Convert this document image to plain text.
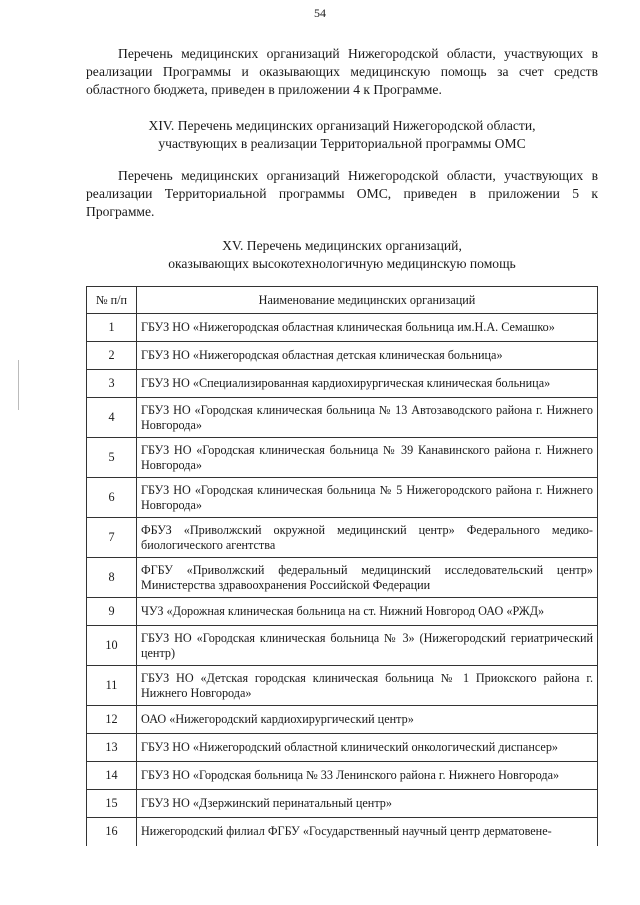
54

Перечень медицинских организаций Нижегородской области, участвующих в реализации Программы и оказывающих медицинскую помощь за счет средств областного бюджета, приведен в приложении 4 к Программе.

XIV. Перечень медицинских организаций Нижегородской области,
участвующих в реализации Территориальной программы ОМС

Перечень медицинских организаций Нижегородской области, участвующих в реализации Территориальной программы ОМС, приведен в приложении 5 к Программе.

XV. Перечень медицинских организаций,
оказывающих высокотехнологичную медицинскую помощь
№ п/п	Наименование медицинских организаций
1	ГБУЗ НО «Нижегородская областная клиническая больница им.Н.А. Семашко»
2	ГБУЗ НО «Нижегородская областная детская клиническая больница»
3	ГБУЗ НО «Специализированная кардиохирургическая клиническая больница»
4	ГБУЗ НО «Городская клиническая больница № 13 Автозаводского района г. Нижнего Новгорода»
5	ГБУЗ НО «Городская клиническая больница № 39 Канавинского района г. Нижнего Новгорода»
6	ГБУЗ НО «Городская клиническая больница № 5 Нижегородского района г. Нижнего Новгорода»
7	ФБУЗ «Приволжский окружной медицинский центр» Федерального медико-биологического агентства
8	ФГБУ «Приволжский федеральный медицинский исследовательский центр» Министерства здравоохранения Российской Федерации
9	ЧУЗ «Дорожная клиническая больница на ст. Нижний Новгород ОАО «РЖД»
10	ГБУЗ НО «Городская клиническая больница № 3» (Нижегородский гериатрический центр)
11	ГБУЗ НО «Детская городская клиническая больница № 1 Приокского района г. Нижнего Новгорода»
12	ОАО «Нижегородский кардиохирургический центр»
13	ГБУЗ НО «Нижегородский областной клинический онкологический диспансер»
14	ГБУЗ НО «Городская больница № 33 Ленинского района г. Нижнего Новгорода»
15	ГБУЗ НО «Дзержинский перинатальный центр»
16	Нижегородский филиал ФГБУ «Государственный научный центр дерматовене-
